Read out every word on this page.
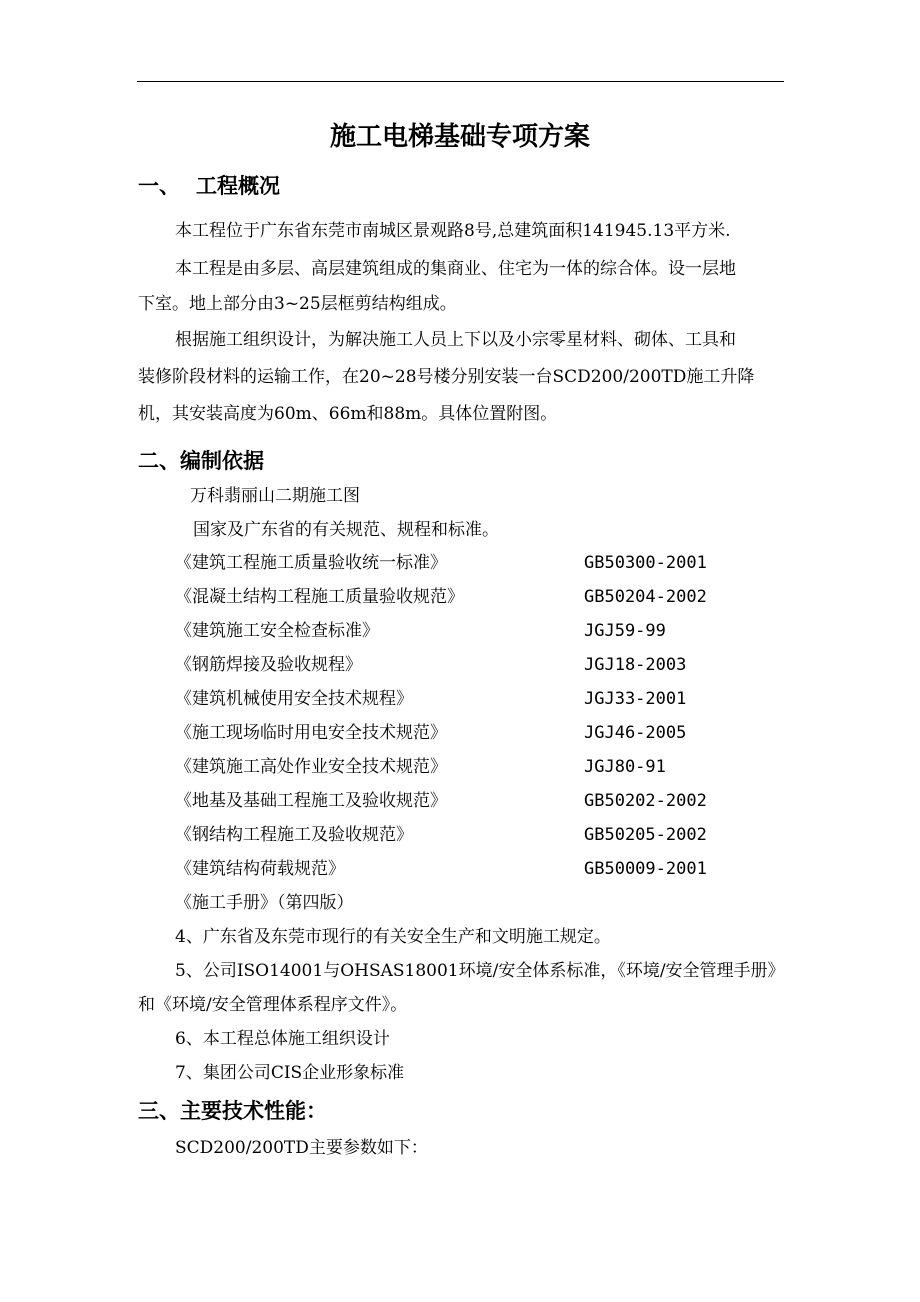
施工电梯基础专项方案
一、 工程概况
本工程位于广东省东莞市南城区景观路8号,总建筑面积141945.13平方米.
本工程是由多层、高层建筑组成的集商业、住宅为一体的综合体。设一层地
下室。地上部分由3~25层框剪结构组成。
根据施工组织设计，为解决施工人员上下以及小宗零星材料、砌体、工具和
装修阶段材料的运输工作，在20~28号楼分别安装一台SCD200/200TD施工升降
机，其安装高度为60m、66m和88m。具体位置附图。
二、编制依据
万科翡丽山二期施工图
国家及广东省的有关规范、规程和标准。
《建筑工程施工质量验收统一标准》	GB50300-2001
《混凝土结构工程施工质量验收规范》	GB50204-2002
《建筑施工安全检查标准》	JGJ59-99
《钢筋焊接及验收规程》	JGJ18-2003
《建筑机械使用安全技术规程》	JGJ33-2001
《施工现场临时用电安全技术规范》	JGJ46-2005
《建筑施工高处作业安全技术规范》	JGJ80-91
《地基及基础工程施工及验收规范》	GB50202-2002
《钢结构工程施工及验收规范》	GB50205-2002
《建筑结构荷载规范》	GB50009-2001
《施工手册》（第四版）
4、广东省及东莞市现行的有关安全生产和文明施工规定。
5、公司ISO14001与OHSAS18001环境/安全体系标准，《环境/安全管理手册》
和《环境/安全管理体系程序文件》。
6、本工程总体施工组织设计
7、集团公司CIS企业形象标准
三、主要技术性能：
SCD200/200TD主要参数如下：
